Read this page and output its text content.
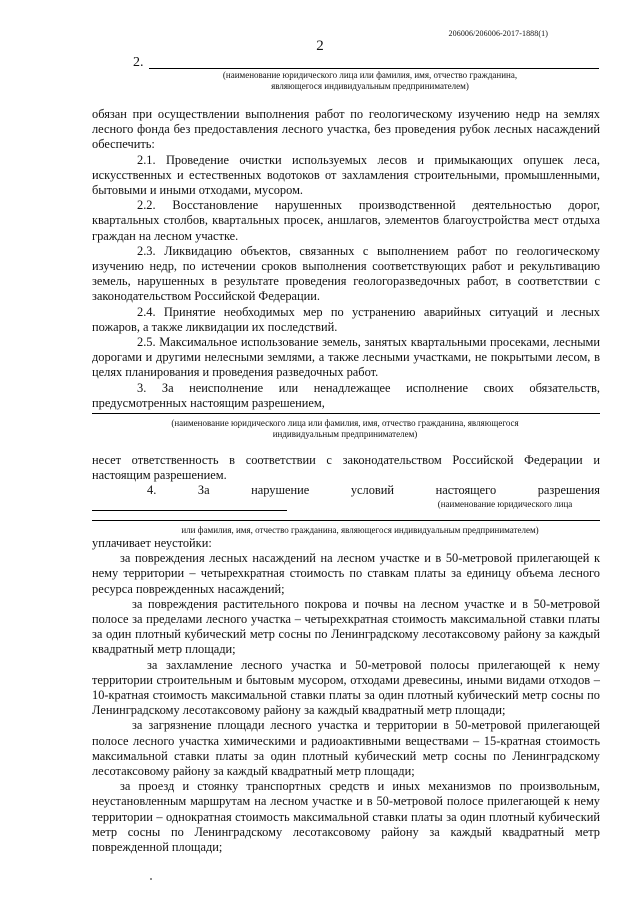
206006/206006-2017-1888(1)
2
2.
(наименование юридического лица или фамилия, имя, отчество гражданина,
являющегося индивидуальным предпринимателем)

обязан при осуществлении выполнения работ по геологическому изучению недр на землях лесного фонда без предоставления лесного участка, без проведения рубок лесных насаждений обеспечить:

2.1. Проведение очистки используемых лесов и примыкающих опушек леса, искусственных и естественных водотоков от захламления строительными, промышленными, бытовыми и иными отходами, мусором.

2.2. Восстановление нарушенных производственной деятельностью дорог, квартальных столбов, квартальных просек, аншлагов, элементов благоустройства мест отдыха граждан на лесном участке.

2.3. Ликвидацию объектов, связанных с выполнением работ по геологическому изучению недр, по истечении сроков выполнения соответствующих работ и рекультивацию земель, нарушенных в результате проведения геологоразведочных работ, в соответствии с законодательством Российской Федерации.

2.4. Принятие необходимых мер по устранению аварийных ситуаций и лесных пожаров, а также ликвидации их последствий.

2.5. Максимальное использование земель, занятых квартальными просеками, лесными дорогами и другими нелесными землями, а также лесными участками, не покрытыми лесом, в целях планирования и проведения разведочных работ.

3. За неисполнение или ненадлежащее исполнение своих обязательств, предусмотренных настоящим разрешением,

(наименование юридического лица или фамилия, имя, отчество гражданина, являющегося
индивидуальным предпринимателем)

несет ответственность в соответствии с законодательством Российской Федерации и настоящим разрешением.

4. За нарушение условий настоящего разрешения

(наименование юридического лица
или фамилия, имя, отчество гражданина, являющегося индивидуальным предпринимателем)

уплачивает неустойки:

за повреждения лесных насаждений на лесном участке и в 50-метровой прилегающей к нему территории – четырехкратная стоимость по ставкам платы за единицу объема лесного ресурса поврежденных насаждений;

за повреждения растительного покрова и почвы на лесном участке и в 50-метровой полосе за пределами лесного участка – четырехкратная стоимость максимальной ставки платы за один плотный кубический метр сосны по Ленинградскому лесотаксовому району за каждый квадратный метр площади;

за захламление лесного участка и 50-метровой полосы прилегающей к нему территории строительным и бытовым мусором, отходами древесины, иными видами отходов – 10-кратная стоимость максимальной ставки платы за один плотный кубический метр сосны по Ленинградскому лесотаксовому району за каждый квадратный метр площади;

за загрязнение площади лесного участка и территории в 50-метровой прилегающей полосе лесного участка химическими и радиоактивными веществами – 15-кратная стоимость максимальной ставки платы за один плотный кубический метр сосны по Ленинградскому лесотаксовому району за каждый квадратный метр площади;

за проезд и стоянку транспортных средств и иных механизмов по произвольным, неустановленным маршрутам на лесном участке и в 50-метровой полосе прилегающей к нему территории – однократная стоимость максимальной ставки платы за один плотный кубический метр сосны по Ленинградскому лесотаксовому району за каждый квадратный метр поврежденной площади;
